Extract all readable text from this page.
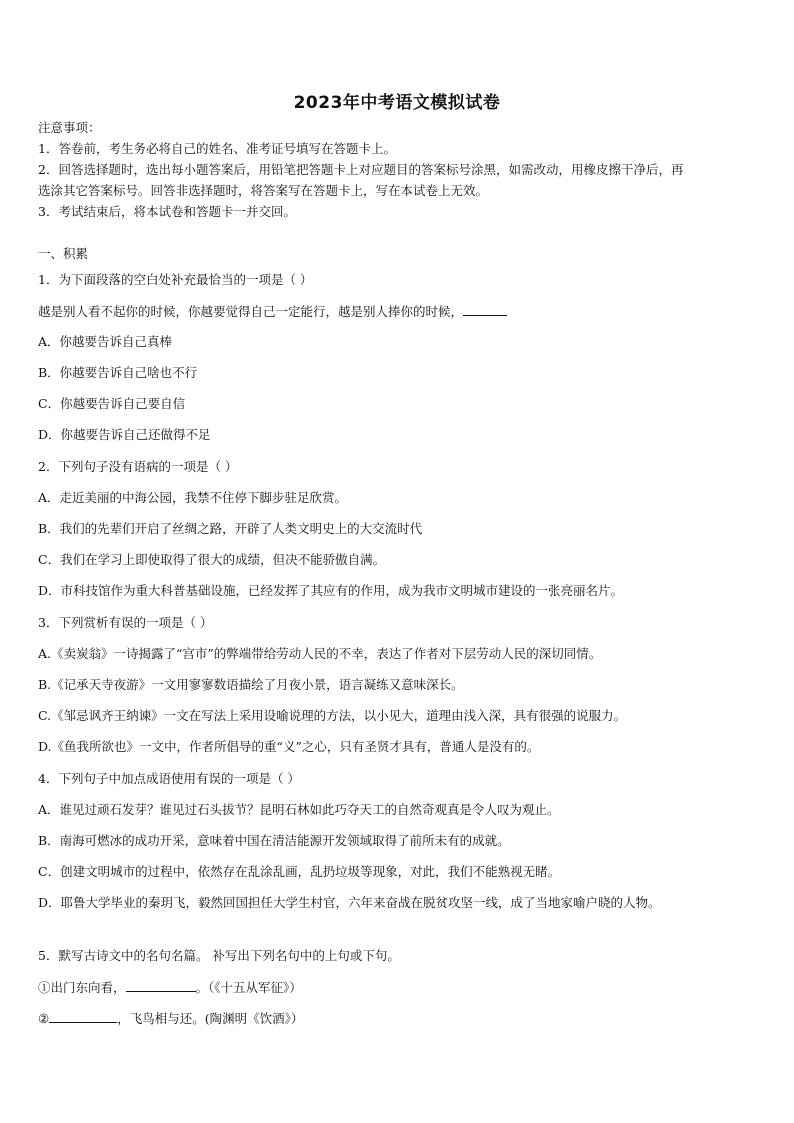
2023年中考语文模拟试卷
注意事项：
1．答卷前，考生务必将自己的姓名、准考证号填写在答题卡上。
2．回答选择题时，选出每小题答案后，用铅笔把答题卡上对应题目的答案标号涂黑，如需改动，用橡皮擦干净后，再
选涂其它答案标号。回答非选择题时，将答案写在答题卡上，写在本试卷上无效。
3．考试结束后，将本试卷和答题卡一并交回。
一、积累
1．为下面段落的空白处补充最恰当的一项是（ ）
越是别人看不起你的时候，你越要觉得自己一定能行，越是别人捧你的时候，
A．你越要告诉自己真棒
B．你越要告诉自己啥也不行
C．你越要告诉自己要自信
D．你越要告诉自己还做得不足
2．下列句子没有语病的一项是（ ）
A．走近美丽的中海公园，我禁不住停下脚步驻足欣赏。
B．我们的先辈们开启了丝绸之路，开辟了人类文明史上的大交流时代
C．我们在学习上即使取得了很大的成绩，但决不能骄傲自满。
D．市科技馆作为重大科普基础设施，已经发挥了其应有的作用，成为我市文明城市建设的一张亮丽名片。
3．下列赏析有误的一项是（ ）
A.《卖炭翁》一诗揭露了“宫市”的弊端带给劳动人民的不幸，表达了作者对下层劳动人民的深切同情。
B.《记承天寺夜游》一文用寥寥数语描绘了月夜小景，语言凝练又意味深长。
C.《邹忌讽齐王纳谏》一文在写法上采用设喻说理的方法，以小见大，道理由浅入深，具有很强的说服力。
D.《鱼我所欲也》一文中，作者所倡导的重“义”之心，只有圣贤才具有，普通人是没有的。
4．下列句子中加点成语使用有误的一项是（ ）
A．谁见过顽石发芽？谁见过石头拔节？昆明石林如此巧夺天工的自然奇观真是令人叹为观止。
B．南海可燃冰的成功开采，意味着中国在清洁能源开发领域取得了前所未有的成就。
C．创建文明城市的过程中，依然存在乱涂乱画，乱扔垃圾等现象，对此，我们不能熟视无睹。
D．耶鲁大学毕业的秦玥飞，毅然回国担任大学生村官，六年来奋战在脱贫攻坚一线，成了当地家喻户晓的人物。
5．默写古诗文中的名句名篇。 补写出下列名句中的上句或下句。
①出门东向看，	。（《十五从军征》）
②	，飞鸟相与还。(陶渊明《饮酒》）
